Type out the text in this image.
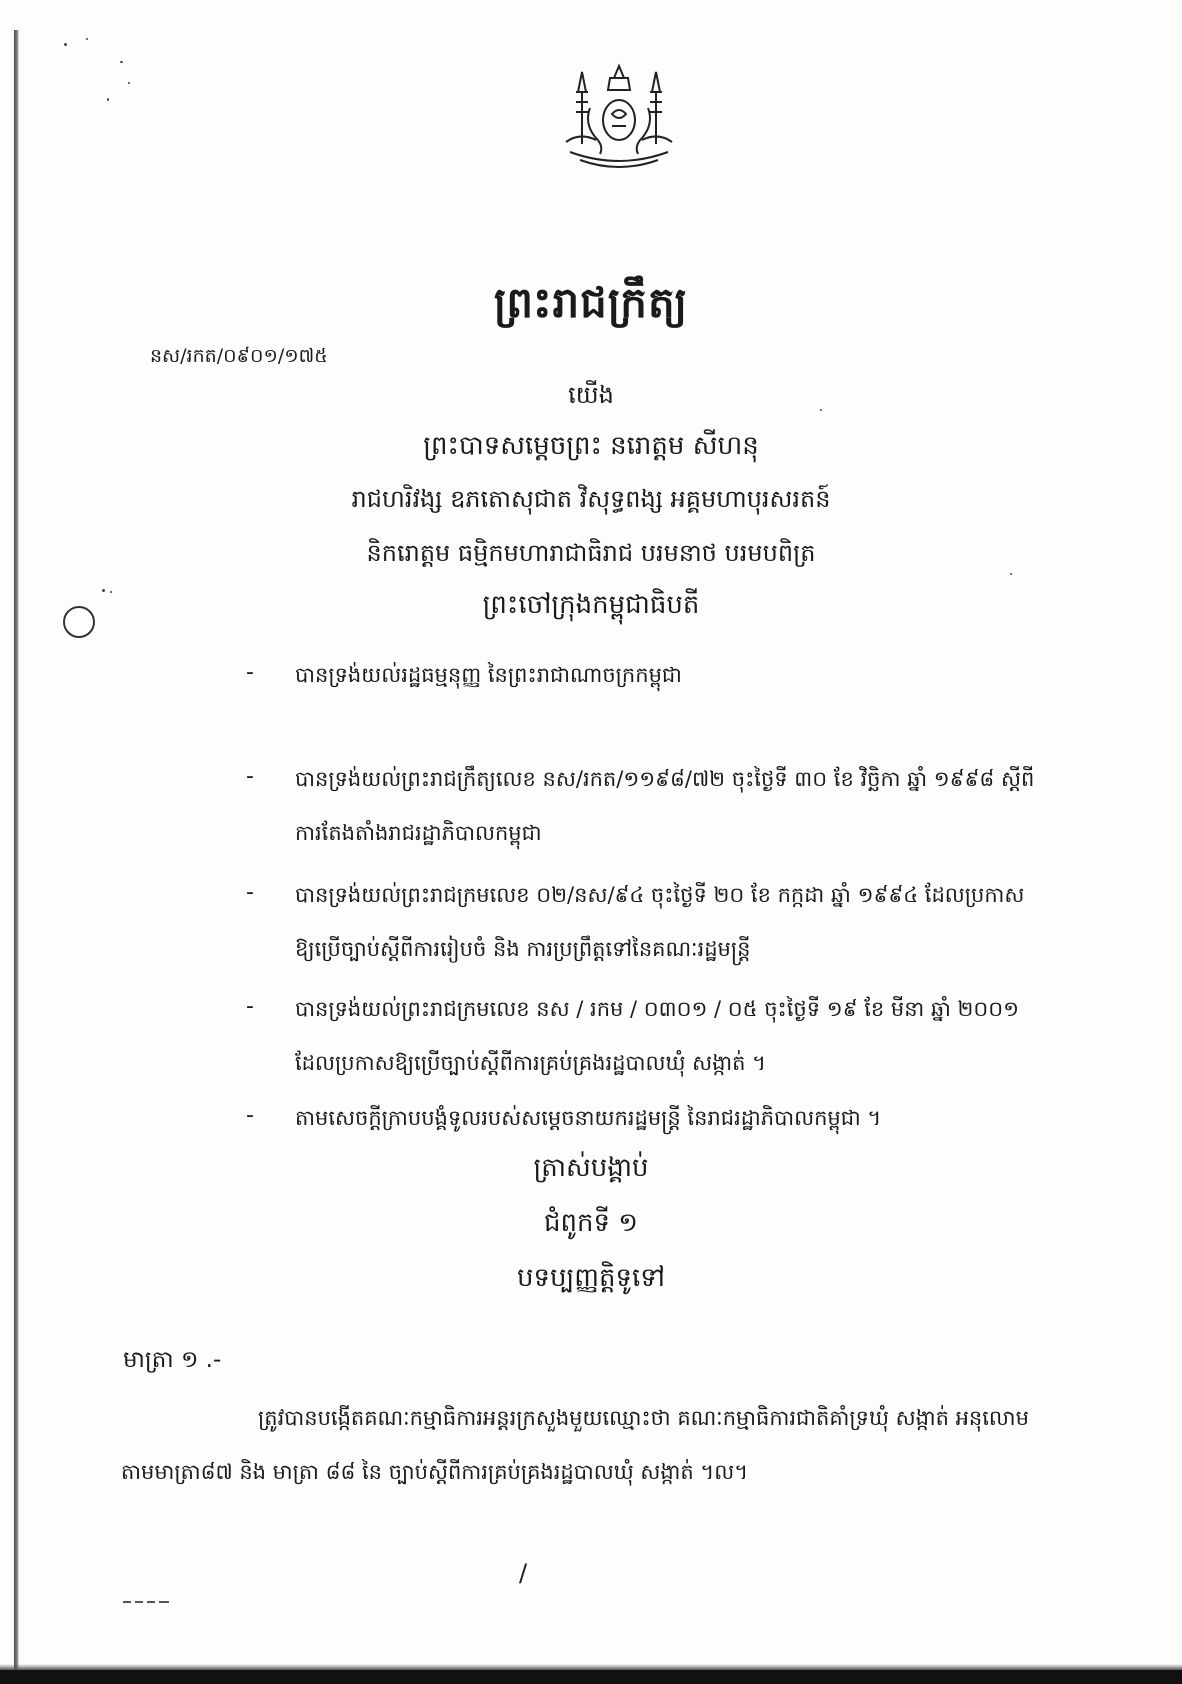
ព្រះរាជក្រឹត្យ
នស/រកត/០៩០១/១៧៥
យើង
ព្រះបាទសម្តេចព្រះ នរោត្តម សីហនុ
រាជហរិវង្ស ឧភតោសុជាត វិសុទ្ធពង្ស អគ្គមហាបុរសរតន៍
និករោត្តម ធម្មិកមហារាជាធិរាជ បរមនាថ បរមបពិត្រ
ព្រះចៅក្រុងកម្ពុជាធិបតី
- បានទ្រង់យល់រដ្ឋធម្មនុញ្ញ នៃព្រះរាជាណាចក្រកម្ពុជា
- បានទ្រង់យល់ព្រះរាជក្រឹត្យលេខ នស/រកត/១១៩៨/៧២ ចុះថ្ងៃទី ៣០ ខែ វិច្ឆិកា ឆ្នាំ ១៩៩៨ ស្តីពី
ការតែងតាំងរាជរដ្ឋាភិបាលកម្ពុជា
- បានទ្រង់យល់ព្រះរាជក្រមលេខ ០២/នស/៩៤ ចុះថ្ងៃទី ២០ ខែ កក្កដា ឆ្នាំ ១៩៩៤ ដែលប្រកាស
ឱ្យប្រើច្បាប់ស្តីពីការរៀបចំ និង ការប្រព្រឹត្តទៅនៃគណៈរដ្ឋមន្ត្រី
- បានទ្រង់យល់ព្រះរាជក្រមលេខ នស / រកម / ០៣០១ / ០៥ ចុះថ្ងៃទី ១៩ ខែ មីនា ឆ្នាំ ២០០១
ដែលប្រកាសឱ្យប្រើច្បាប់ស្តីពីការគ្រប់គ្រងរដ្ឋបាលឃុំ សង្កាត់ ។
- តាមសេចក្តីក្រាបបង្គំទូលរបស់សម្តេចនាយករដ្ឋមន្ត្រី នៃរាជរដ្ឋាភិបាលកម្ពុជា ។
ត្រាស់បង្គាប់
ជំពូកទី ១
បទប្បញ្ញត្តិទូទៅ
មាត្រា ១ .-
ត្រូវបានបង្កើតគណៈកម្មាធិការអន្តរក្រសួងមួយឈ្មោះថា គណៈកម្មាធិការជាតិគាំទ្រឃុំ សង្កាត់ អនុលោម
តាមមាត្រា៨៧ និង មាត្រា ៨៨ នៃ ច្បាប់ស្តីពីការគ្រប់គ្រងរដ្ឋបាលឃុំ សង្កាត់ ។ល។
/
